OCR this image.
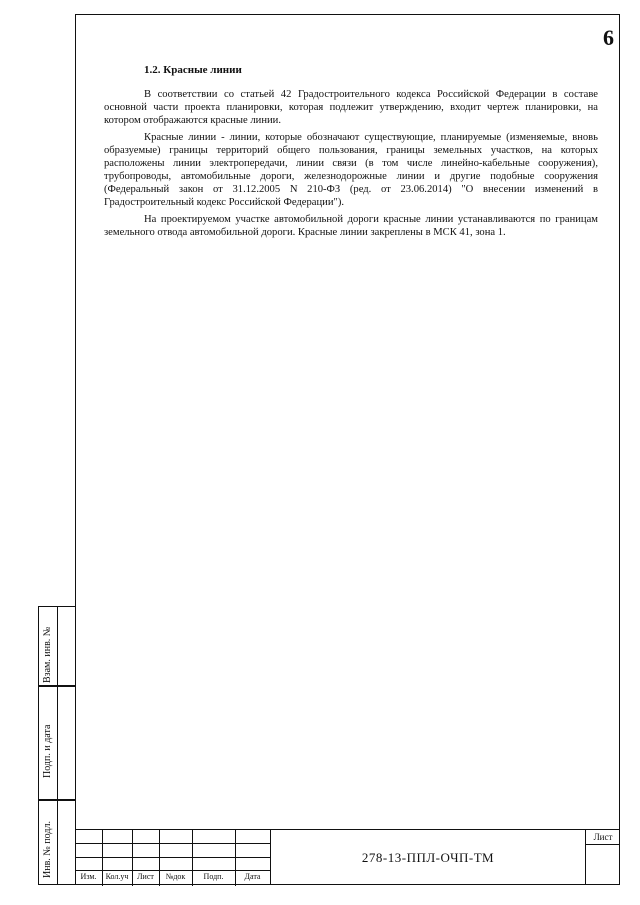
6
1.2. Красные линии

В соответствии со статьей 42 Градостроительного кодекса Российской Федерации в составе основной части проекта планировки, которая подлежит утверждению, входит чертеж планировки, на котором отображаются красные линии.

Красные линии - линии, которые обозначают существующие, планируемые (изменяемые, вновь образуемые) границы территорий общего пользования, границы земельных участков, на которых расположены линии электропередачи, линии связи (в том числе линейно-кабельные сооружения), трубопроводы, автомобильные дороги, железнодорожные линии и другие подобные сооружения (Федеральный закон от 31.12.2005 N 210-ФЗ (ред. от 23.06.2014) "О внесении изменений в Градостроительный кодекс Российской Федерации").

На проектируемом участке автомобильной дороги красные линии устанавливаются по границам земельного отвода автомобильной дороги. Красные линии закреплены в МСК 41, зона 1.

Взам. инв. №
Подп. и дата
Инв. № подл.	Изм.	Кол.уч	Лист	№док	Подп.	Дата
278-13-ППЛ-ОЧП-ТМ
Лист
